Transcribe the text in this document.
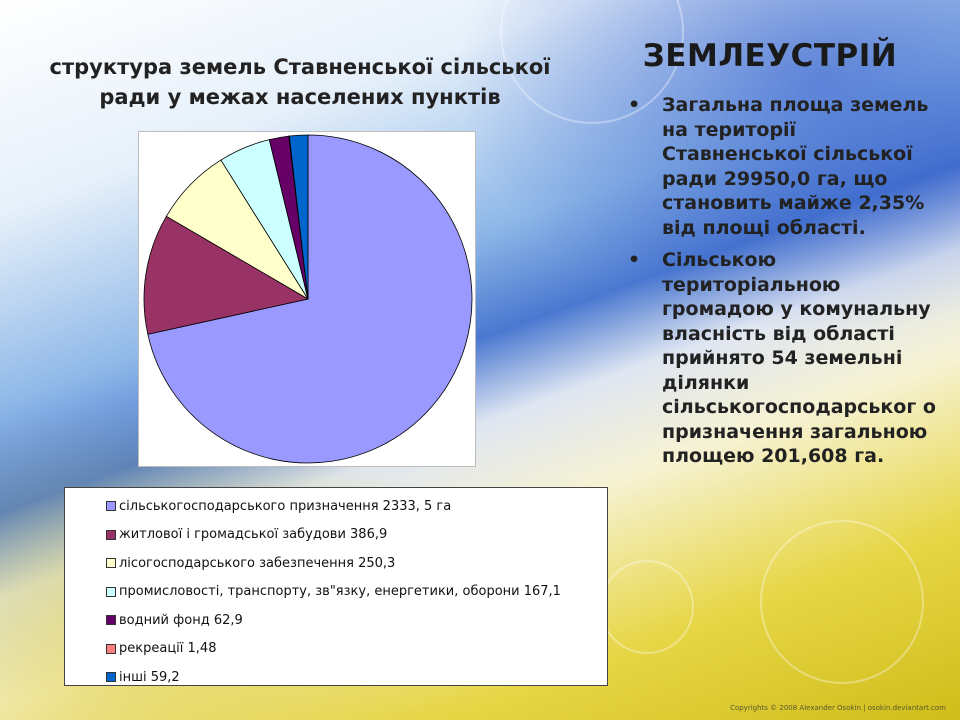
структура земель Ставненської сільської ради у межах населених пунктів

сільськогосподарського призначення 2333, 5 га
житлової і громадської забудови 386,9
лісогосподарського забезпечення 250,3
промисловості, транспорту, зв"язку, енергетики, оборони 167,1
водний фонд 62,9
рекреації 1,48
інші 59,2
ЗЕМЛЕУСТРІЙ
• Загальна площа земель на території Ставненської сільської ради 29950,0 га, що становить майже 2,35% від площі області.
• Сільською територіальною громадою у комунальну власність від області прийнято 54 земельні ділянки сільськогосподарськог о призначення загальною площею 201,608 га.
Copyrights © 2008 Alexander Osokin | osokin.deviantart.com
